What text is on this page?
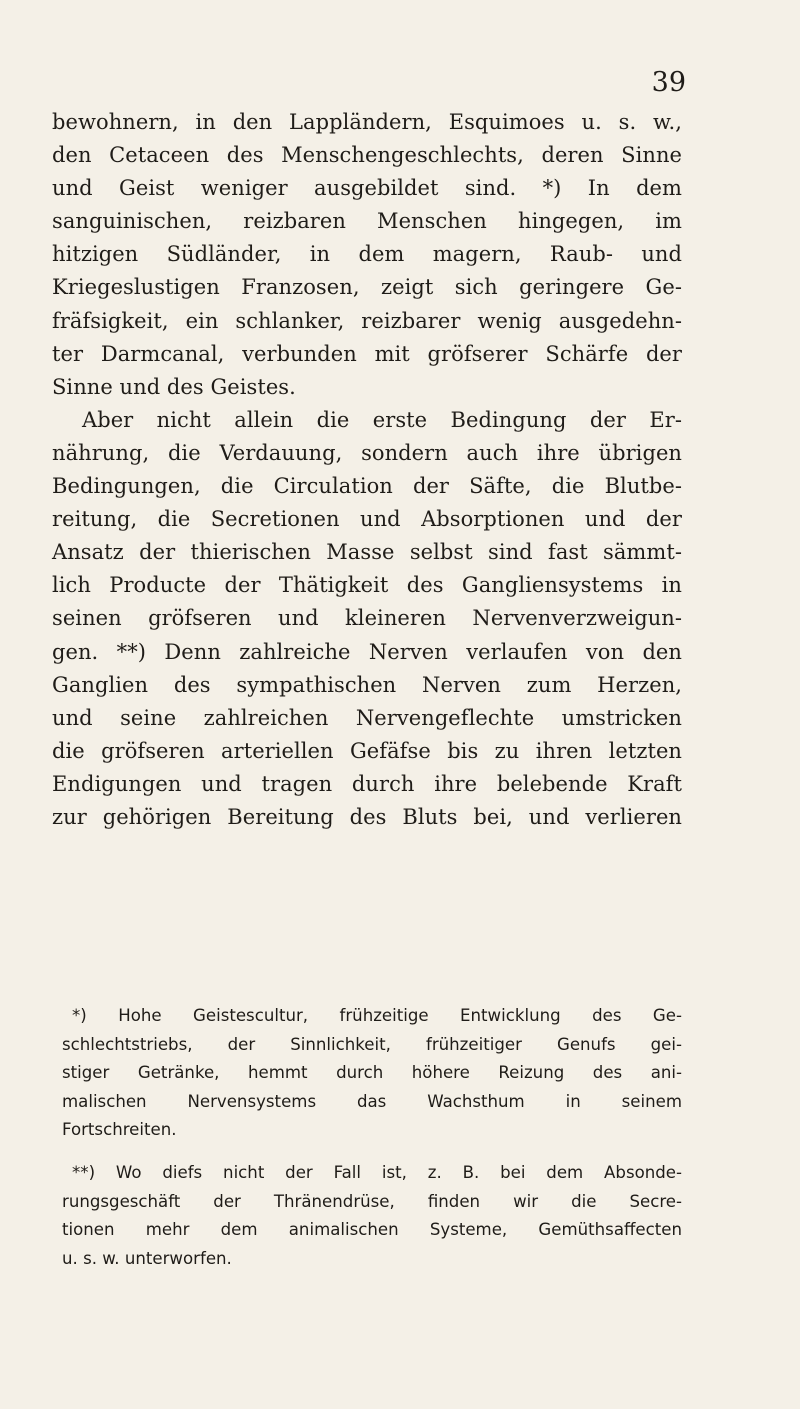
39
bewohnern, in den Lappländern, Esquimoes u. s. w.,
den Cetaceen des Menschengeschlechts, deren Sinne
und Geist weniger ausgebildet sind. *) In dem
sanguinischen, reizbaren Menschen hingegen, im
hitzigen Südländer, in dem magern, Raub- und
Kriegeslustigen Franzosen, zeigt sich geringere Ge-
fräfsigkeit, ein schlanker, reizbarer wenig ausgedehn-
ter Darmcanal, verbunden mit gröfserer Schärfe der
Sinne und des Geistes.
Aber nicht allein die erste Bedingung der Er-
nährung, die Verdauung, sondern auch ihre übrigen
Bedingungen, die Circulation der Säfte, die Blutbe-
reitung, die Secretionen und Absorptionen und der
Ansatz der thierischen Masse selbst sind fast sämmt-
lich Producte der Thätigkeit des Gangliensystems in
seinen gröfseren und kleineren Nervenverzweigun-
gen. **) Denn zahlreiche Nerven verlaufen von den
Ganglien des sympathischen Nerven zum Herzen,
und seine zahlreichen Nervengeflechte umstricken
die gröfseren arteriellen Gefäfse bis zu ihren letzten
Endigungen und tragen durch ihre belebende Kraft
zur gehörigen Bereitung des Bluts bei, und verlieren
*) Hohe Geistescultur, frühzeitige Entwicklung des Ge-
schlechtstriebs, der Sinnlichkeit, frühzeitiger Genufs gei-
stiger Getränke, hemmt durch höhere Reizung des ani-
malischen Nervensystems das Wachsthum in seinem
Fortschreiten.
**) Wo diefs nicht der Fall ist, z. B. bei dem Absonde-
rungsgeschäft der Thränendrüse, finden wir die Secre-
tionen mehr dem animalischen Systeme, Gemüthsaffecten
u. s. w. unterworfen.
